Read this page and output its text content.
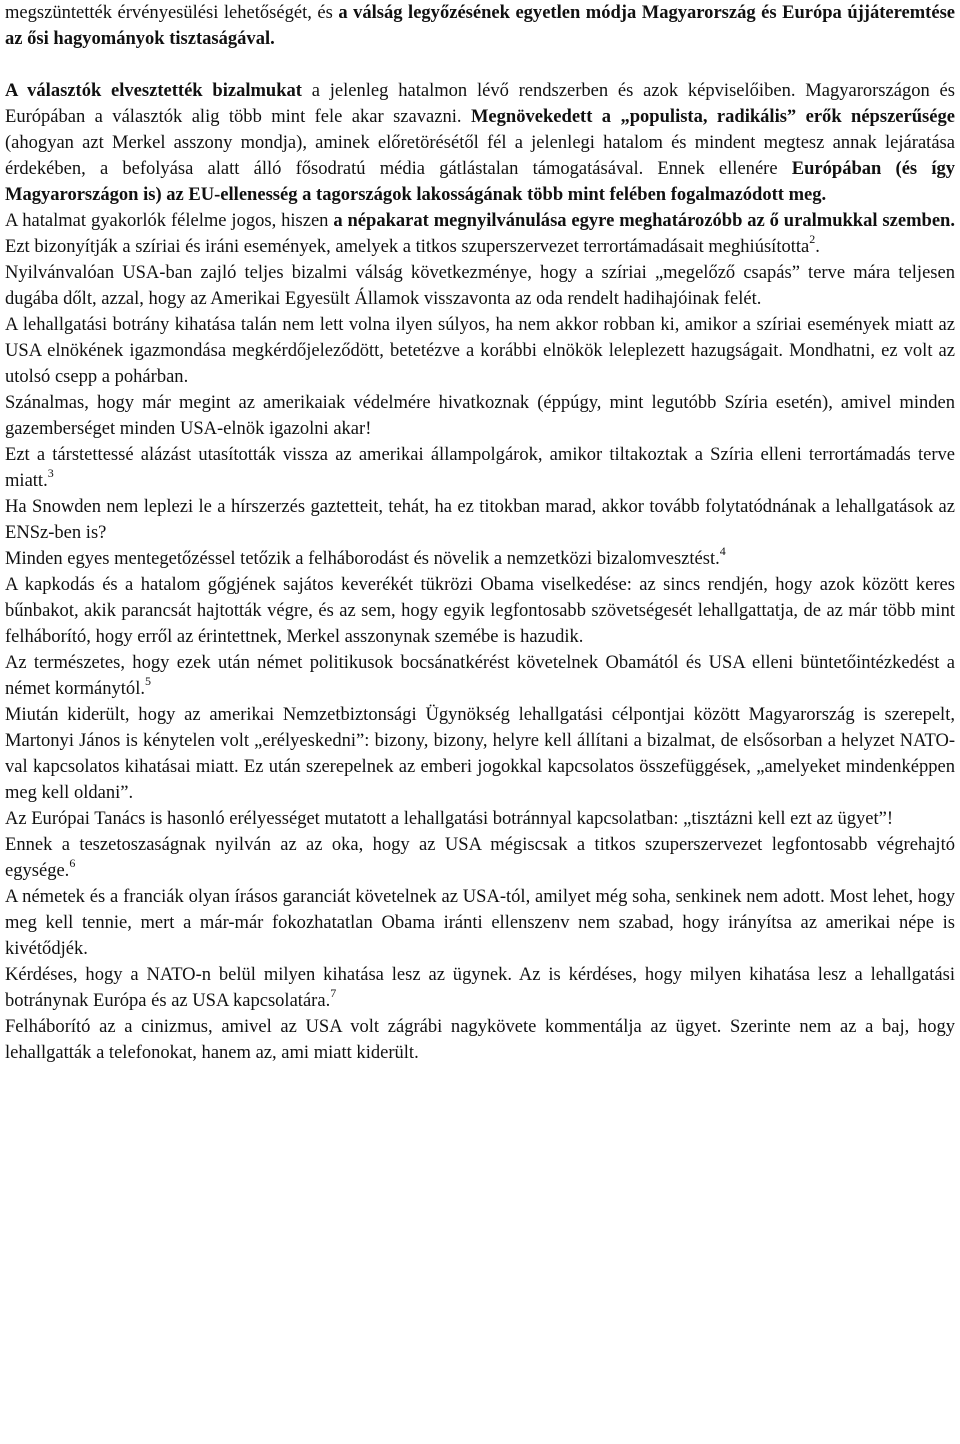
megszüntették érvényesülési lehetőségét, és a válság legyőzésének egyetlen módja Magyarország és Európa újjáteremtése az ősi hagyományok tisztaságával.

A választók elvesztették bizalmukat a jelenleg hatalmon lévő rendszerben és azok képviselőiben. Magyarországon és Európában a választók alig több mint fele akar szavazni. Megnövekedett a „populista, radikális” erők népszerűsége (ahogyan azt Merkel asszony mondja), aminek előretörésétől fél a jelenlegi hatalom és mindent megtesz annak lejáratása érdekében, a befolyása alatt álló fősodratú média gátlástalan támogatásával. Ennek ellenére Európában (és így Magyarországon is) az EU-ellenesség a tagországok lakosságának több mint felében fogalmazódott meg.

A hatalmat gyakorlók félelme jogos, hiszen a népakarat megnyilvánulása egyre meghatározóbb az ő uralmukkal szemben. Ezt bizonyítják a szíriai és iráni események, amelyek a titkos szuperszervezet terrortámadásait meghiúsította$^2$.

Nyilvánvalóan USA-ban zajló teljes bizalmi válság következménye, hogy a szíriai „megelőző csapás” terve mára teljesen dugába dőlt, azzal, hogy az Amerikai Egyesült Államok visszavonta az oda rendelt hadihajóinak felét.

A lehallgatási botrány kihatása talán nem lett volna ilyen súlyos, ha nem akkor robban ki, amikor a szíriai események miatt az USA elnökének igazmondása megkérdőjeleződött, betetézve a korábbi elnökök leleplezett hazugságait. Mondhatni, ez volt az utolsó csepp a pohárban.

Szánalmas, hogy már megint az amerikaiak védelmére hivatkoznak (éppúgy, mint legutóbb Szíria esetén), amivel minden gazemberséget minden USA-elnök igazolni akar!

Ezt a társtettessé alázást utasították vissza az amerikai állampolgárok, amikor tiltakoztak a Szíria elleni terrortámadás terve miatt.$^3$

Ha Snowden nem leplezi le a hírszerzés gaztetteit, tehát, ha ez titokban marad, akkor tovább folytatódnának a lehallgatások az ENSz-ben is?

Minden egyes mentegetőzéssel tetőzik a felháborodást és növelik a nemzetközi bizalomvesztést.$^4$

A kapkodás és a hatalom gőgjének sajátos keverékét tükrözi Obama viselkedése: az sincs rendjén, hogy azok között keres bűnbakot, akik parancsát hajtották végre, és az sem, hogy egyik legfontosabb szövetségesét lehallgattatja, de az már több mint felháborító, hogy erről az érintettnek, Merkel asszonynak szemébe is hazudik.

Az természetes, hogy ezek után német politikusok bocsánatkérést követelnek Obamától és USA elleni büntetőintézkedést a német kormánytól.$^5$

Miután kiderült, hogy az amerikai Nemzetbiztonsági Ügynökség lehallgatási célpontjai között Magyarország is szerepelt, Martonyi János is kénytelen volt „erélyeskedni”: bizony, bizony, helyre kell állítani a bizalmat, de elsősorban a helyzet NATO-val kapcsolatos kihatásai miatt. Ez után szerepelnek az emberi jogokkal kapcsolatos összefüggések, „amelyeket mindenképpen meg kell oldani”.

Az Európai Tanács is hasonló erélyességet mutatott a lehallgatási botránnyal kapcsolatban: „tisztázni kell ezt az ügyet”!

Ennek a teszetoszaságnak nyilván az az oka, hogy az USA mégiscsak a titkos szuperszervezet legfontosabb végrehajtó egysége.$^6$

A németek és a franciák olyan írásos garanciát követelnek az USA-tól, amilyet még soha, senkinek nem adott. Most lehet, hogy meg kell tennie, mert a már-már fokozhatatlan Obama iránti ellenszenv nem szabad, hogy irányítsa az amerikai népe is kivétődjék.

Kérdéses, hogy a NATO-n belül milyen kihatása lesz az ügynek. Az is kérdéses, hogy milyen kihatása lesz a lehallgatási botránynak Európa és az USA kapcsolatára.$^7$

Felháborító az a cinizmus, amivel az USA volt zágrábi nagykövete kommentálja az ügyet. Szerinte nem az a baj, hogy lehallgatták a telefonokat, hanem az, ami miatt kiderült.
